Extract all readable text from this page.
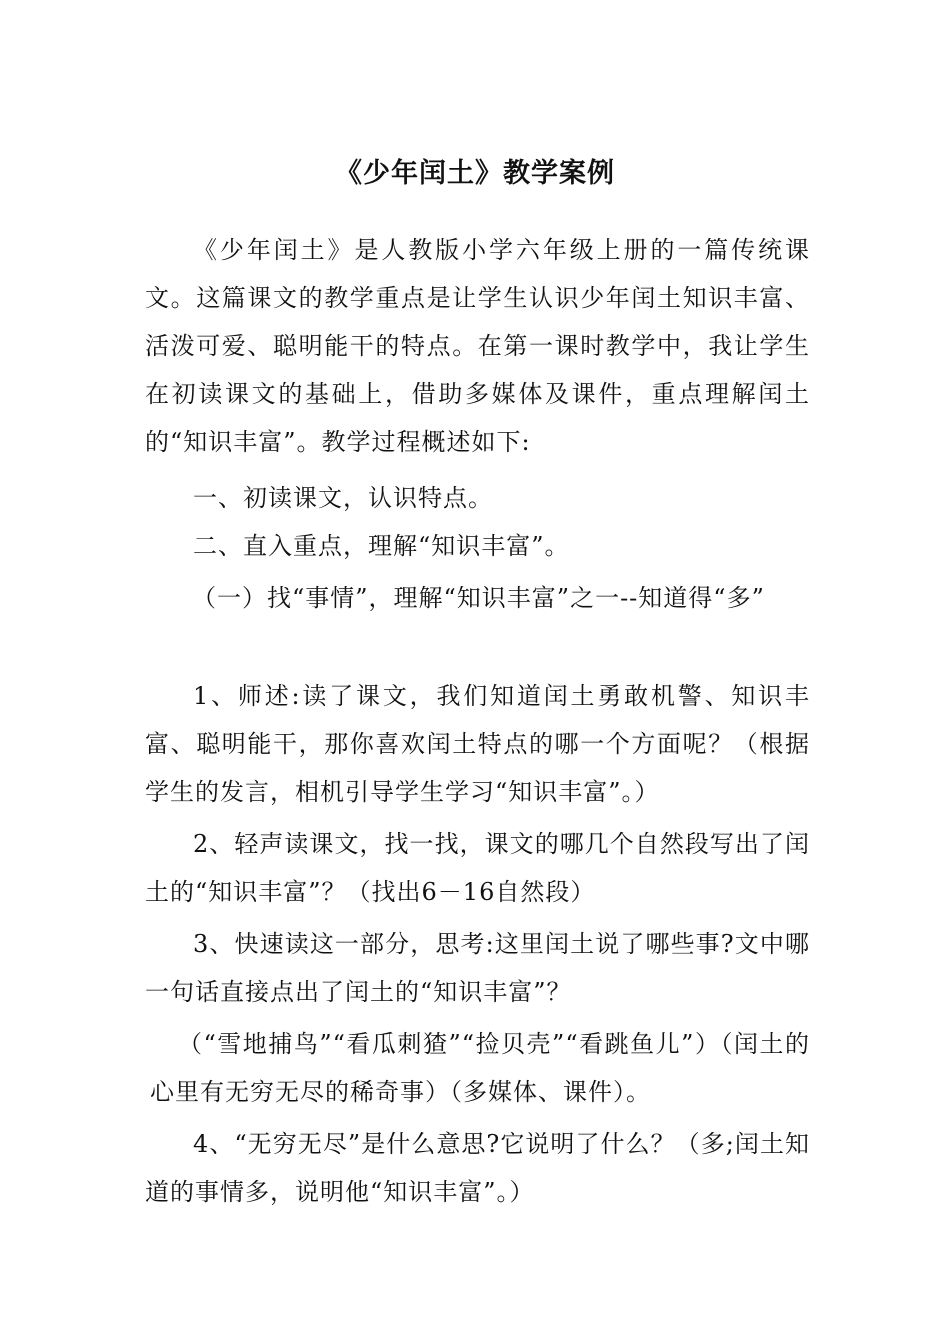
《少年闰土》教学案例
《少年闰土》是人教版小学六年级上册的一篇传统课文。这篇课文的教学重点是让学生认识少年闰土知识丰富、活泼可爱、聪明能干的特点。在第一课时教学中，我让学生在初读课文的基础上，借助多媒体及课件，重点理解闰土的“知识丰富”。教学过程概述如下:
一、初读课文，认识特点。
二、直入重点，理解“知识丰富”。
（一）找“事情”，理解“知识丰富”之一--知道得“多”
1、师述:读了课文，我们知道闰土勇敢机警、知识丰富、聪明能干，那你喜欢闰土特点的哪一个方面呢？（根据学生的发言，相机引导学生学习“知识丰富”。）
2、轻声读课文，找一找，课文的哪几个自然段写出了闰土的“知识丰富”？（找出6－16自然段）
3、快速读这一部分，思考:这里闰土说了哪些事?文中哪一句话直接点出了闰土的“知识丰富”？
（“雪地捕鸟”“看瓜刺猹”“捡贝壳”“看跳鱼儿”）（闰土的心里有无穷无尽的稀奇事）（多媒体、课件）。
4、“无穷无尽”是什么意思?它说明了什么？（多;闰土知道的事情多，说明他“知识丰富”。）
